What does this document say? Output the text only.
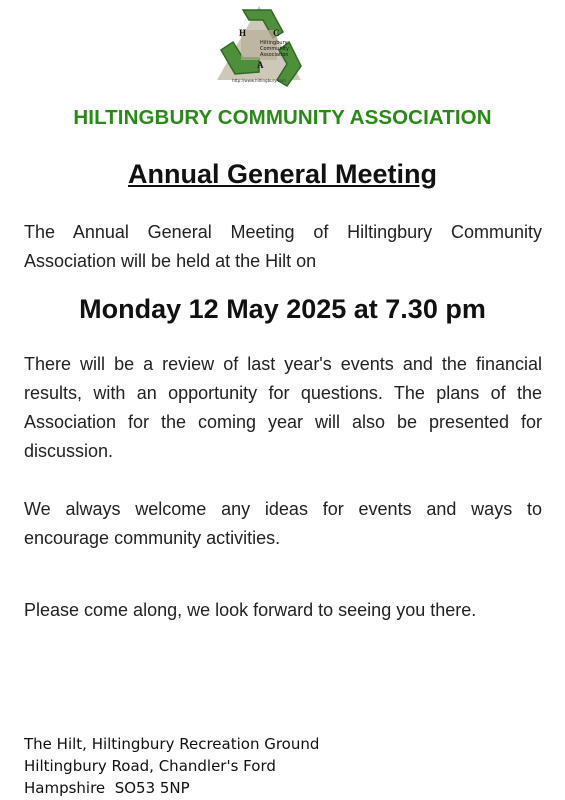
H	C
A
Hiltingbury
Community
Association
http://www.hiltingbury.com
HILTINGBURY COMMUNITY ASSOCIATION
Annual General Meeting
The Annual General Meeting of Hiltingbury Community Association will be held at the Hilt on
Monday 12 May 2025 at 7.30 pm
There will be a review of last year's events and the financial results, with an opportunity for questions. The plans of the Association for the coming year will also be presented for discussion.
We always welcome any ideas for events and ways to encourage community activities.
Please come along, we look forward to seeing you there.
The Hilt, Hiltingbury Recreation Ground
Hiltingbury Road, Chandler's Ford
Hampshire  SO53 5NP
